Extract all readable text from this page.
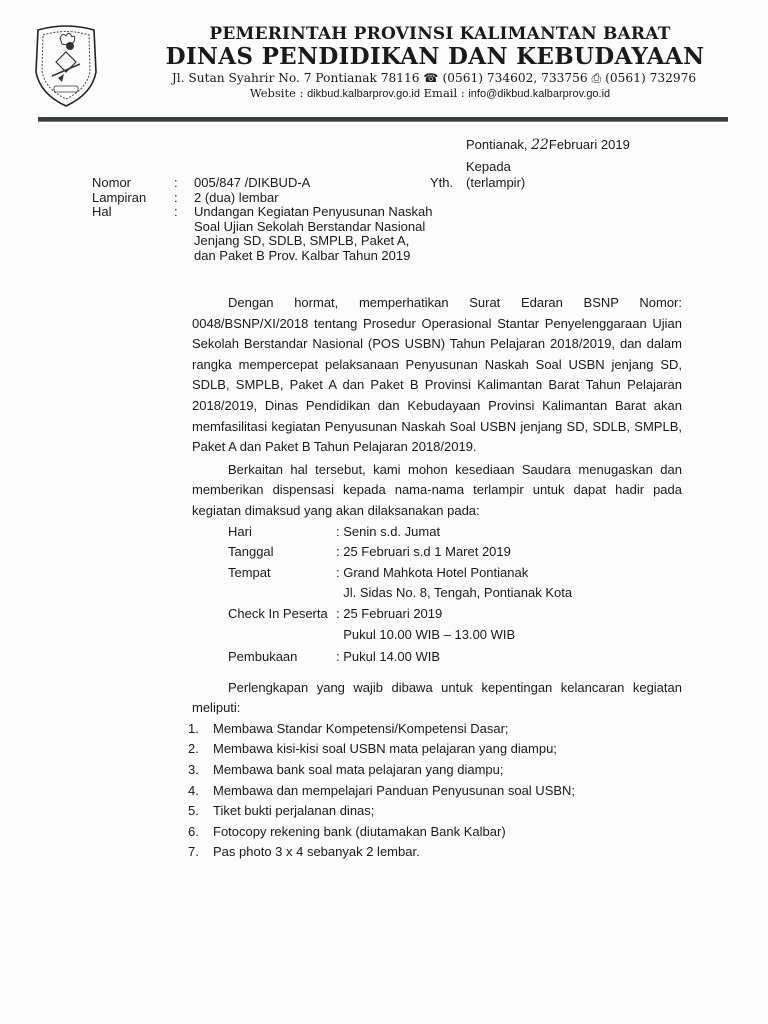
PEMERINTAH PROVINSI KALIMANTAN BARAT
DINAS PENDIDIKAN DAN KEBUDAYAAN
Jl. Sutan Syahrir No. 7 Pontianak 78116 ☎ (0561) 734602, 733756 ⎙ (0561) 732976
Website : dikbud.kalbarprov.go.id Email : info@dikbud.kalbarprov.go.id
Pontianak, 22Februari 2019
Kepada
Yth. (terlampir)
Nomor	:	005/847 /DIKBUD-A
Lampiran	:	2 (dua) lembar
Hal	:	Undangan Kegiatan Penyusunan Naskah
Soal Ujian Sekolah Berstandar Nasional
Jenjang SD, SDLB, SMPLB, Paket A,
dan Paket B Prov. Kalbar Tahun 2019

Dengan hormat, memperhatikan Surat Edaran BSNP Nomor: 0048/BSNP/XI/2018 tentang Prosedur Operasional Stantar Penyelenggaraan Ujian Sekolah Berstandar Nasional (POS USBN) Tahun Pelajaran 2018/2019, dan dalam rangka mempercepat pelaksanaan Penyusunan Naskah Soal USBN jenjang SD, SDLB, SMPLB, Paket A dan Paket B Provinsi Kalimantan Barat Tahun Pelajaran 2018/2019, Dinas Pendidikan dan Kebudayaan Provinsi Kalimantan Barat akan memfasilitasi kegiatan Penyusunan Naskah Soal USBN jenjang SD, SDLB, SMPLB, Paket A dan Paket B Tahun Pelajaran 2018/2019.

Berkaitan hal tersebut, kami mohon kesediaan Saudara menugaskan dan memberikan dispensasi kepada nama-nama terlampir untuk dapat hadir pada kegiatan dimaksud yang akan dilaksanakan pada:

Hari	: Senin s.d. Jumat
Tanggal	: 25 Februari s.d 1 Maret 2019
Tempat	: Grand Mahkota Hotel Pontianak
Jl. Sidas No. 8, Tengah, Pontianak Kota
Check In Peserta : 25 Februari 2019
Pukul 10.00 WIB – 13.00 WIB
Pembukaan	: Pukul 14.00 WIB

Perlengkapan yang wajib dibawa untuk kepentingan kelancaran kegiatan meliputi:

1.	Membawa Standar Kompetensi/Kompetensi Dasar;
2.	Membawa kisi-kisi soal USBN mata pelajaran yang diampu;
3.	Membawa bank soal mata pelajaran yang diampu;
4.	Membawa dan mempelajari Panduan Penyusunan soal USBN;
5.	Tiket bukti perjalanan dinas;
6.	Fotocopy rekening bank (diutamakan Bank Kalbar)
7.	Pas photo 3 x 4 sebanyak 2 lembar.
